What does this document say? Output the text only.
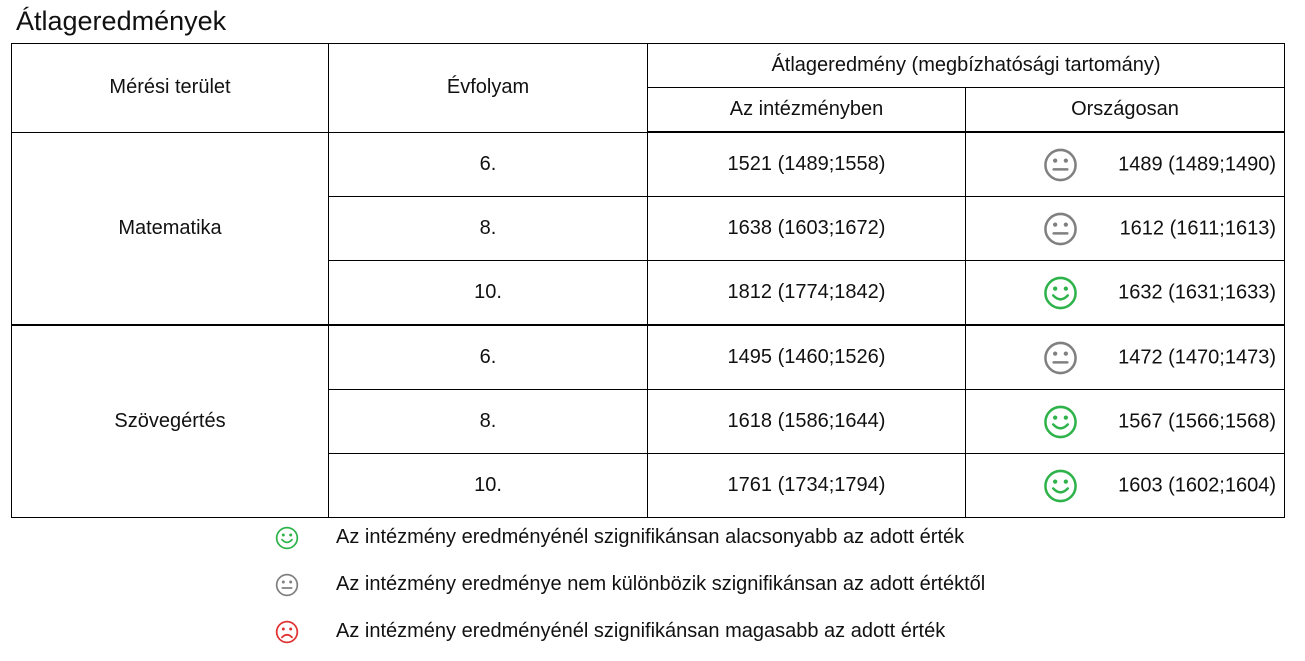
Átlageredmények
Mérési terület	Évfolyam	Átlageredmény (megbízhatósági tartomány)	
		Az intézményben	Országosan
Matematika	6.	1521 (1489;1558)	1489 (1489;1490)

	8.	1638 (1603;1672)	1612 (1611;1613)

	10.	1812 (1774;1842)	1632 (1631;1633)

Szövegértés	6.	1495 (1460;1526)	1472 (1470;1473)

	8.	1618 (1586;1644)	1567 (1566;1568)

	10.	1761 (1734;1794)	1603 (1602;1604)
Az intézmény eredményénél szignifikánsan alacsonyabb az adott érték
Az intézmény eredménye nem különbözik szignifikánsan az adott értéktől
Az intézmény eredményénél szignifikánsan magasabb az adott érték
